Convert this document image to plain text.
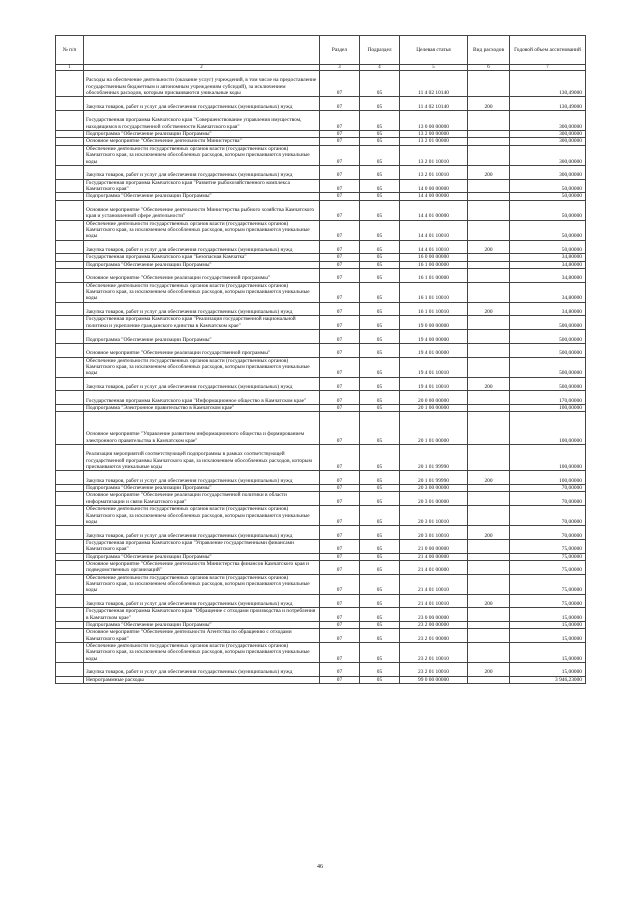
№ п/п		Раздел	Подраздел	Целевая статья	Вид расходов	Годовой объем ассигнований
1	2	3	4	5	6	7
	Расходы на обеспечение деятельности (оказание услуг) учреждений, в том числе на предоставление государственным бюджетным и автономным учреждениям субсидий), за исключением обособленных расходов, которым присваиваются уникальные коды	07	05	11 4 02 10140		130,49000
	Закупка товаров, работ и услуг для обеспечения государственных (муниципальных) нужд	07	05	11 4 02 10140	200	130,49000
	Государственная программа Камчатского края "Совершенствование управления имуществом, находящимся в государственной собственности Камчатского края"	07	05	13 0 00 00000		300,00000
	Подпрограмма "Обеспечение реализации Программы"	07	05	13 2 00 00000		300,00000
	Основное мероприятие "Обеспечение деятельности Министерства"	07	05	13 2 01 00000		300,00000
	Обеспечение деятельности государственных органов власти (государственных органов) Камчатского края, за исключением обособленных расходов, которым присваиваются уникальные коды	07	05	13 2 01 10010		300,00000
	Закупка товаров, работ и услуг для обеспечения государственных (муниципальных) нужд	07	05	13 2 01 10010	200	300,00000
	Государственная программа Камчатского края "Развитие рыбохозяйственного комплекса Камчатского края"	07	05	14 0 00 00000		50,00000
	Подпрограмма "Обеспечение реализации Программы"	07	05	14 4 00 00000		50,00000
	Основное мероприятие "Обеспечение деятельности Министерства рыбного хозяйства Камчатского края и установленной сфере деятельности"	07	05	14 4 01 00000		50,00000
	Обеспечение деятельности государственных органов власти (государственных органов) Камчатского края, за исключением обособленных расходов, которым присваиваются уникальные коды	07	05	14 4 01 10010		50,00000
	Закупка товаров, работ и услуг для обеспечения государственных (муниципальных) нужд	07	05	14 4 01 10010	200	50,00000
	Государственная программа Камчатского края "Безопасная Камчатка"	07	05	16 0 00 00000		34,80000
	Подпрограмма "Обеспечение реализации Программы"	07	05	16 1 00 00000		34,80000
	Основное мероприятие "Обеспечение реализации государственной программы"	07	05	16 1 01 00000		34,80000
	Обеспечение деятельности государственных органов власти (государственных органов) Камчатского края, за исключением обособленных расходов, которым присваиваются уникальные коды	07	05	16 1 01 10010		34,80000
	Закупка товаров, работ и услуг для обеспечения государственных (муниципальных) нужд	07	05	16 1 01 10010	200	34,80000
	Государственная программа Камчатского края "Реализация государственной национальной политики и укрепление гражданского единства в Камчатском крае"	07	05	19 0 00 00000		500,00000
	Подпрограмма "Обеспечение реализации Программы"	07	05	19 4 00 00000		500,00000
	Основное мероприятие "Обеспечение реализации государственной программы"	07	05	19 4 01 00000		500,00000
	Обеспечение деятельности государственных органов власти (государственных органов) Камчатского края, за исключением обособленных расходов, которым присваиваются уникальные коды	07	05	19 4 01 10010		500,00000
	Закупка товаров, работ и услуг для обеспечения государственных (муниципальных) нужд	07	05	19 4 01 10010	200	500,00000
	Государственная программа Камчатского края "Информационное общество в Камчатском крае"	07	05	20 0 00 00000		170,00000
	Подпрограмма "Электронное правительство в Камчатском крае"	07	05	20 1 00 00000		100,00000
	Основное мероприятие "Управление развитием информационного общества и формированием электронного правительства в Камчатском крае"	07	05	20 1 01 00000		100,00000
	Реализация мероприятий соответствующей подпрограммы в рамках соответствующей государственной программы Камчатского края, за исключением обособленных расходов, которым присваиваются уникальные коды	07	05	20 1 01 99990		100,00000
	Закупка товаров, работ и услуг для обеспечения государственных (муниципальных) нужд	07	05	20 1 01 99990	200	100,00000
	Подпрограмма "Обеспечение реализации Программы"	07	05	20 3 00 00000		70,00000
	Основное мероприятие "Обеспечение реализации государственной политики в области информатизации и связи Камчатского края"	07	05	20 3 01 00000		70,00000
	Обеспечение деятельности государственных органов власти (государственных органов) Камчатского края, за исключением обособленных расходов, которым присваиваются уникальные коды	07	05	20 3 01 10010		70,00000
	Закупка товаров, работ и услуг для обеспечения государственных (муниципальных) нужд	07	05	20 3 01 10010	200	70,00000
	Государственная программа Камчатского края "Управление государственными финансами Камчатского края"	07	05	21 0 00 00000		75,00000
	Подпрограмма "Обеспечение реализации Программы"	07	05	21 4 00 00000		75,00000
	Основное мероприятие "Обеспечение деятельности Министерства финансов Камчатского края и подведомственных организаций"	07	05	21 4 01 00000		75,00000
	Обеспечение деятельности государственных органов власти (государственных органов) Камчатского края, за исключением обособленных расходов, которым присваиваются уникальные коды	07	05	21 4 01 10010		75,00000
	Закупка товаров, работ и услуг для обеспечения государственных (муниципальных) нужд	07	05	21 4 01 10010	200	75,00000
	Государственная программа Камчатского края "Обращение с отходами производства и потребления в Камчатском крае"	07	05	23 0 00 00000		15,00000
	Подпрограмма "Обеспечение реализации Программы"	07	05	23 2 00 00000		15,00000
	Основное мероприятие "Обеспечение деятельности Агентства по обращению с отходами Камчатского края"	07	05	23 2 01 00000		15,00000
	Обеспечение деятельности государственных органов власти (государственных органов) Камчатского края, за исключением обособленных расходов, которым присваиваются уникальные коды	07	05	23 2 01 10010		15,00000
	Закупка товаров, работ и услуг для обеспечения государственных (муниципальных) нужд	07	05	23 2 01 10010	200	15,00000
	Непрограммные расходы	07	05	99 0 00 00000		3 946,23000
46
